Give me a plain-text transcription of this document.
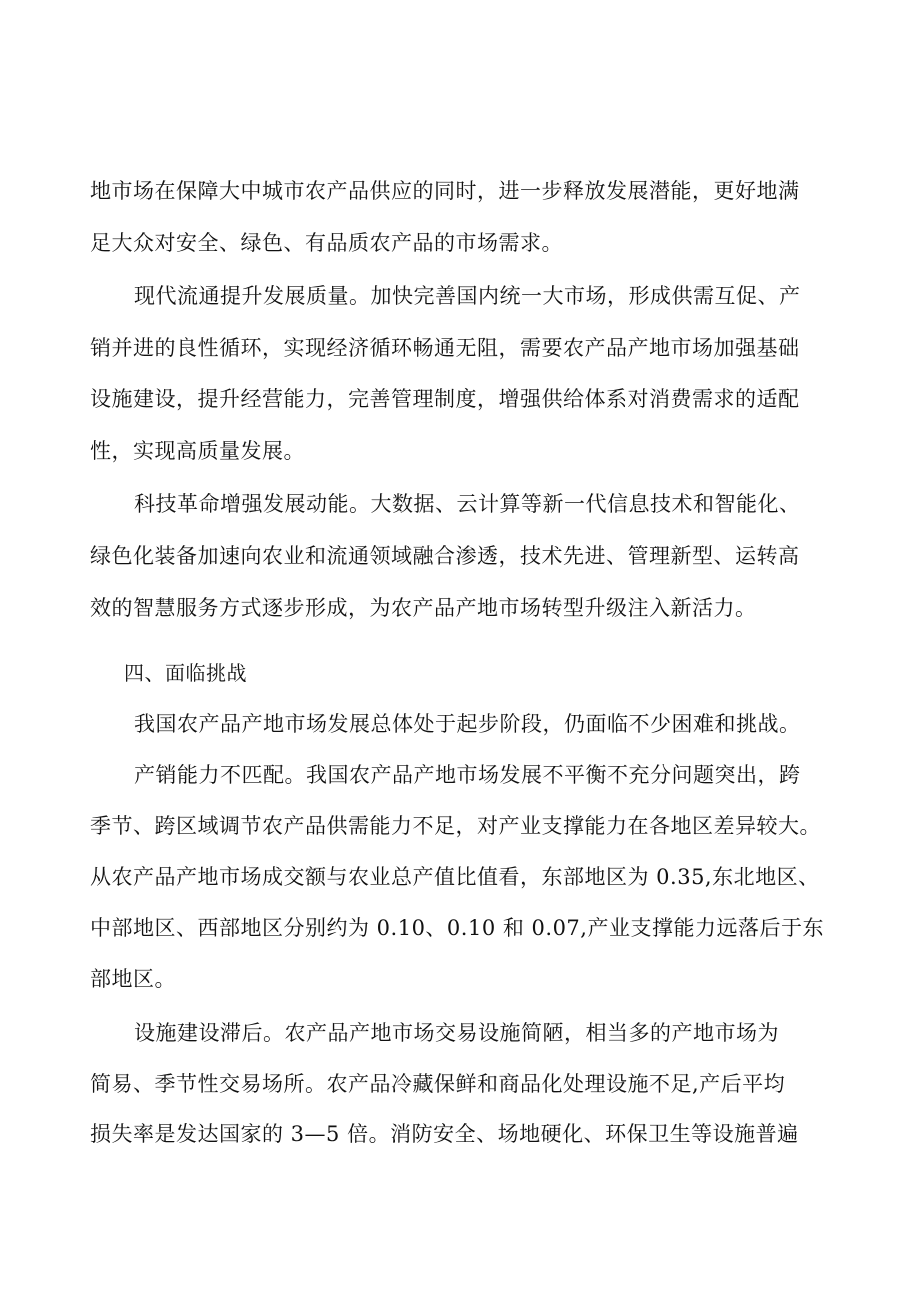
地市场在保障大中城市农产品供应的同时，进一步释放发展潜能，更好地满
足大众对安全、绿色、有品质农产品的市场需求。
现代流通提升发展质量。加快完善国内统一大市场，形成供需互促、产
销并进的良性循环，实现经济循环畅通无阻，需要农产品产地市场加强基础
设施建设，提升经营能力，完善管理制度，增强供给体系对消费需求的适配
性，实现高质量发展。
科技革命增强发展动能。大数据、云计算等新一代信息技术和智能化、
绿色化装备加速向农业和流通领域融合渗透，技术先进、管理新型、运转高
效的智慧服务方式逐步形成，为农产品产地市场转型升级注入新活力。
四、面临挑战
我国农产品产地市场发展总体处于起步阶段，仍面临不少困难和挑战。
产销能力不匹配。我国农产品产地市场发展不平衡不充分问题突出，跨
季节、跨区域调节农产品供需能力不足，对产业支撑能力在各地区差异较大。
从农产品产地市场成交额与农业总产值比值看，东部地区为 0.35,东北地区、
中部地区、西部地区分别约为 0.10、0.10 和 0.07,产业支撑能力远落后于东
部地区。
设施建设滞后。农产品产地市场交易设施简陋，相当多的产地市场为
简易、季节性交易场所。农产品冷藏保鲜和商品化处理设施不足,产后平均
损失率是发达国家的 3—5 倍。消防安全、场地硬化、环保卫生等设施普遍
